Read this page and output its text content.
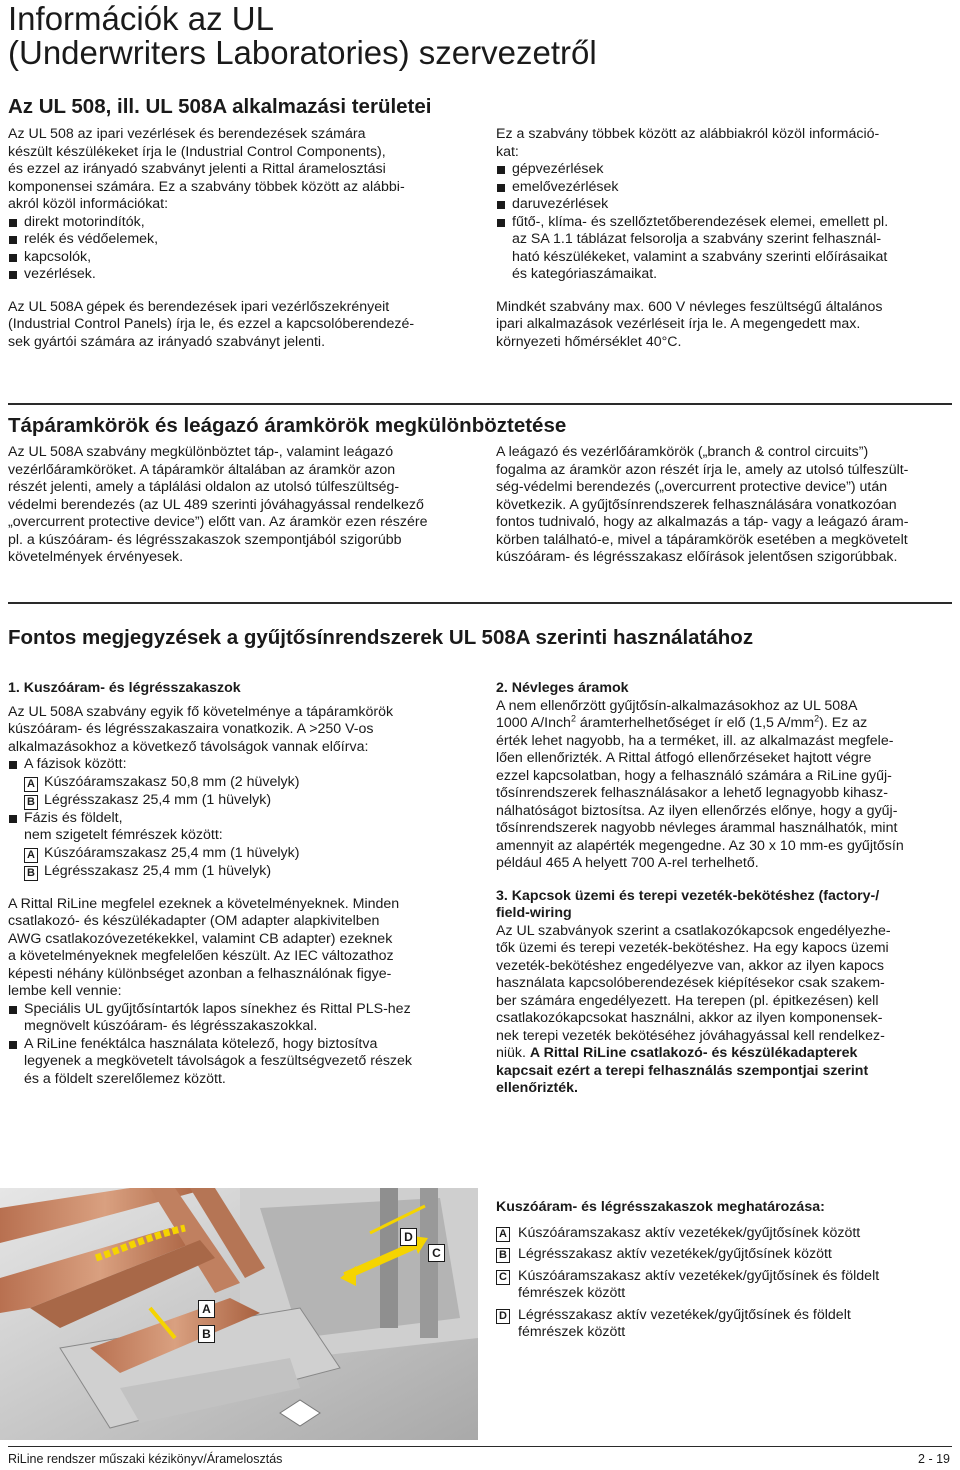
Információk az UL
(Underwriters Laboratories) szervezetről
Az UL 508, ill. UL 508A alkalmazási területei
Az UL 508 az ipari vezérlések és berendezések számára
készült készülékeket írja le (Industrial Control Components),
és ezzel az irányadó szabványt jelenti a Rittal áramelosztási
komponensei számára. Ez a szabvány többek között az alábbi-
akról közöl információkat:
direkt motorindítók,
relék és védőelemek,
kapcsolók,
vezérlések.
Az UL 508A gépek és berendezések ipari vezérlőszekrényeit
(Industrial Control Panels) írja le, és ezzel a kapcsolóberendezé-
sek gyártói számára az irányadó szabványt jelenti.
Ez a szabvány többek között az alábbiakról közöl információ-
kat:
gépvezérlések
emelővezérlések
daruvezérlések
fűtő-, klíma- és szellőztetőberendezések elemei, emellett pl.
az SA 1.1 táblázat felsorolja a szabvány szerint felhasznál-
ható készülékeket, valamint a szabvány szerinti előírásaikat
és kategóriaszámaikat.
Mindkét szabvány max. 600 V névleges feszültségű általános
ipari alkalmazások vezérléseit írja le. A megengedett max.
környezeti hőmérséklet 40°C.
Tápáramkörök és leágazó áramkörök megkülönböztetése
Az UL 508A szabvány megkülönböztet táp-, valamint leágazó
vezérlőáramköröket. A tápáramkör általában az áramkör azon
részét jelenti, amely a táplálási oldalon az utolsó túlfeszültség-
védelmi berendezés (az UL 489 szerinti jóváhagyással rendelkező
„overcurrent protective device”) előtt van. Az áramkör ezen részére
pl. a kúszóáram- és légrésszakaszok szempontjából szigorúbb
követelmények érvényesek.
A leágazó és vezérlőáramkörök („branch & control circuits”)
fogalma az áramkör azon részét írja le, amely az utolsó túlfeszült-
ség-védelmi berendezés („overcurrent protective device”) után
következik. A gyűjtősínrendszerek felhasználására vonatkozóan
fontos tudnivaló, hogy az alkalmazás a táp- vagy a leágazó áram-
körben található-e, mivel a tápáramkörök esetében a megkövetelt
kúszóáram- és légrésszakasz előírások jelentősen szigorúbbak.
Fontos megjegyzések a gyűjtősínrendszerek UL 508A szerinti használatához
1. Kuszóáram- és légrésszakaszok
Az UL 508A szabvány egyik fő követelménye a tápáramkörök
kúszóáram- és légrésszakaszaira vonatkozik. A >250 V-os
alkalmazásokhoz a következő távolságok vannak előírva:
A fázisok között:
A Kúszóáramszakasz 50,8 mm (2 hüvelyk)
B Légrésszakasz 25,4 mm (1 hüvelyk)
Fázis és földelt,
nem szigetelt fémrészek között:
A Kúszóáramszakasz 25,4 mm (1 hüvelyk)
B Légrésszakasz 25,4 mm (1 hüvelyk)
A Rittal RiLine megfelel ezeknek a követelményeknek. Minden
csatlakozó- és készülékadapter (OM adapter alapkivitelben
AWG csatlakozóvezetékekkel, valamint CB adapter) ezeknek
a követelményeknek megfelelően készült. Az IEC változathoz
képesti néhány különbséget azonban a felhasználónak figye-
lembe kell vennie:
Speciális UL gyűjtősíntartók lapos sínekhez és Rittal PLS-hez
megnövelt kúszóáram- és légrésszakaszokkal.
A RiLine fenéktálca használata kötelező, hogy biztosítva
legyenek a megkövetelt távolságok a feszültségvezető részek
és a földelt szerelőlemez között.
2. Névleges áramok
A nem ellenőrzött gyűjtősín-alkalmazásokhoz az UL 508A
1000 A/Inch$^2$ áramterhelhetőséget ír elő (1,5 $A/mm^2$). Ez az
érték lehet nagyobb, ha a terméket, ill. az alkalmazást megfele-
lően ellenőrizték. A Rittal átfogó ellenőrzéseket hajtott végre
ezzel kapcsolatban, hogy a felhasználó számára a RiLine gyűj-
tősínrendszerek felhasználásakor a lehető legnagyobb kihasz-
nálhatóságot biztosítsa. Az ilyen ellenőrzés előnye, hogy a gyűj-
tősínrendszerek nagyobb névleges árammal használhatók, mint
amennyit az alapérték megengedne. Az 30 x 10 mm-es gyűjtősín
például 465 A helyett 700 A-rel terhelhető.
3. Kapcsok üzemi és terepi vezeték-bekötéshez (factory-/
field-wiring
Az UL szabványok szerint a csatlakozókapcsok engedélyezhe-
tők üzemi és terepi vezeték-bekötéshez. Ha egy kapocs üzemi
vezeték-bekötéshez engedélyezve van, akkor az ilyen kapocs
használata kapcsolóberendezések kiépítésekor csak szakem-
ber számára engedélyezett. Ha terepen (pl. épitkezésen) kell
csatlakozókapcsokat használni, akkor az ilyen komponensek-
nek terepi vezeték bekötéséhez jóváhagyással kell rendelkez-
niük. A Rittal RiLine csatlakozó- és készülékadapterek
kapcsait ezért a terepi felhasználás szempontjai szerint
ellenőrizték.
A
B
C
D
Kuszóáram- és légrésszakaszok meghatározása:
A Kúszóáramszakasz aktív vezetékek/gyűjtősínek között
B Légrésszakasz aktív vezetékek/gyűjtősínek között
C Kúszóáramszakasz aktív vezetékek/gyűjtősínek és földelt
fémrészek között
D Légrésszakasz aktív vezetékek/gyűjtősínek és földelt
fémrészek között
RiLine rendszer műszaki kézikönyv/Áramelosztás	2 - 19
